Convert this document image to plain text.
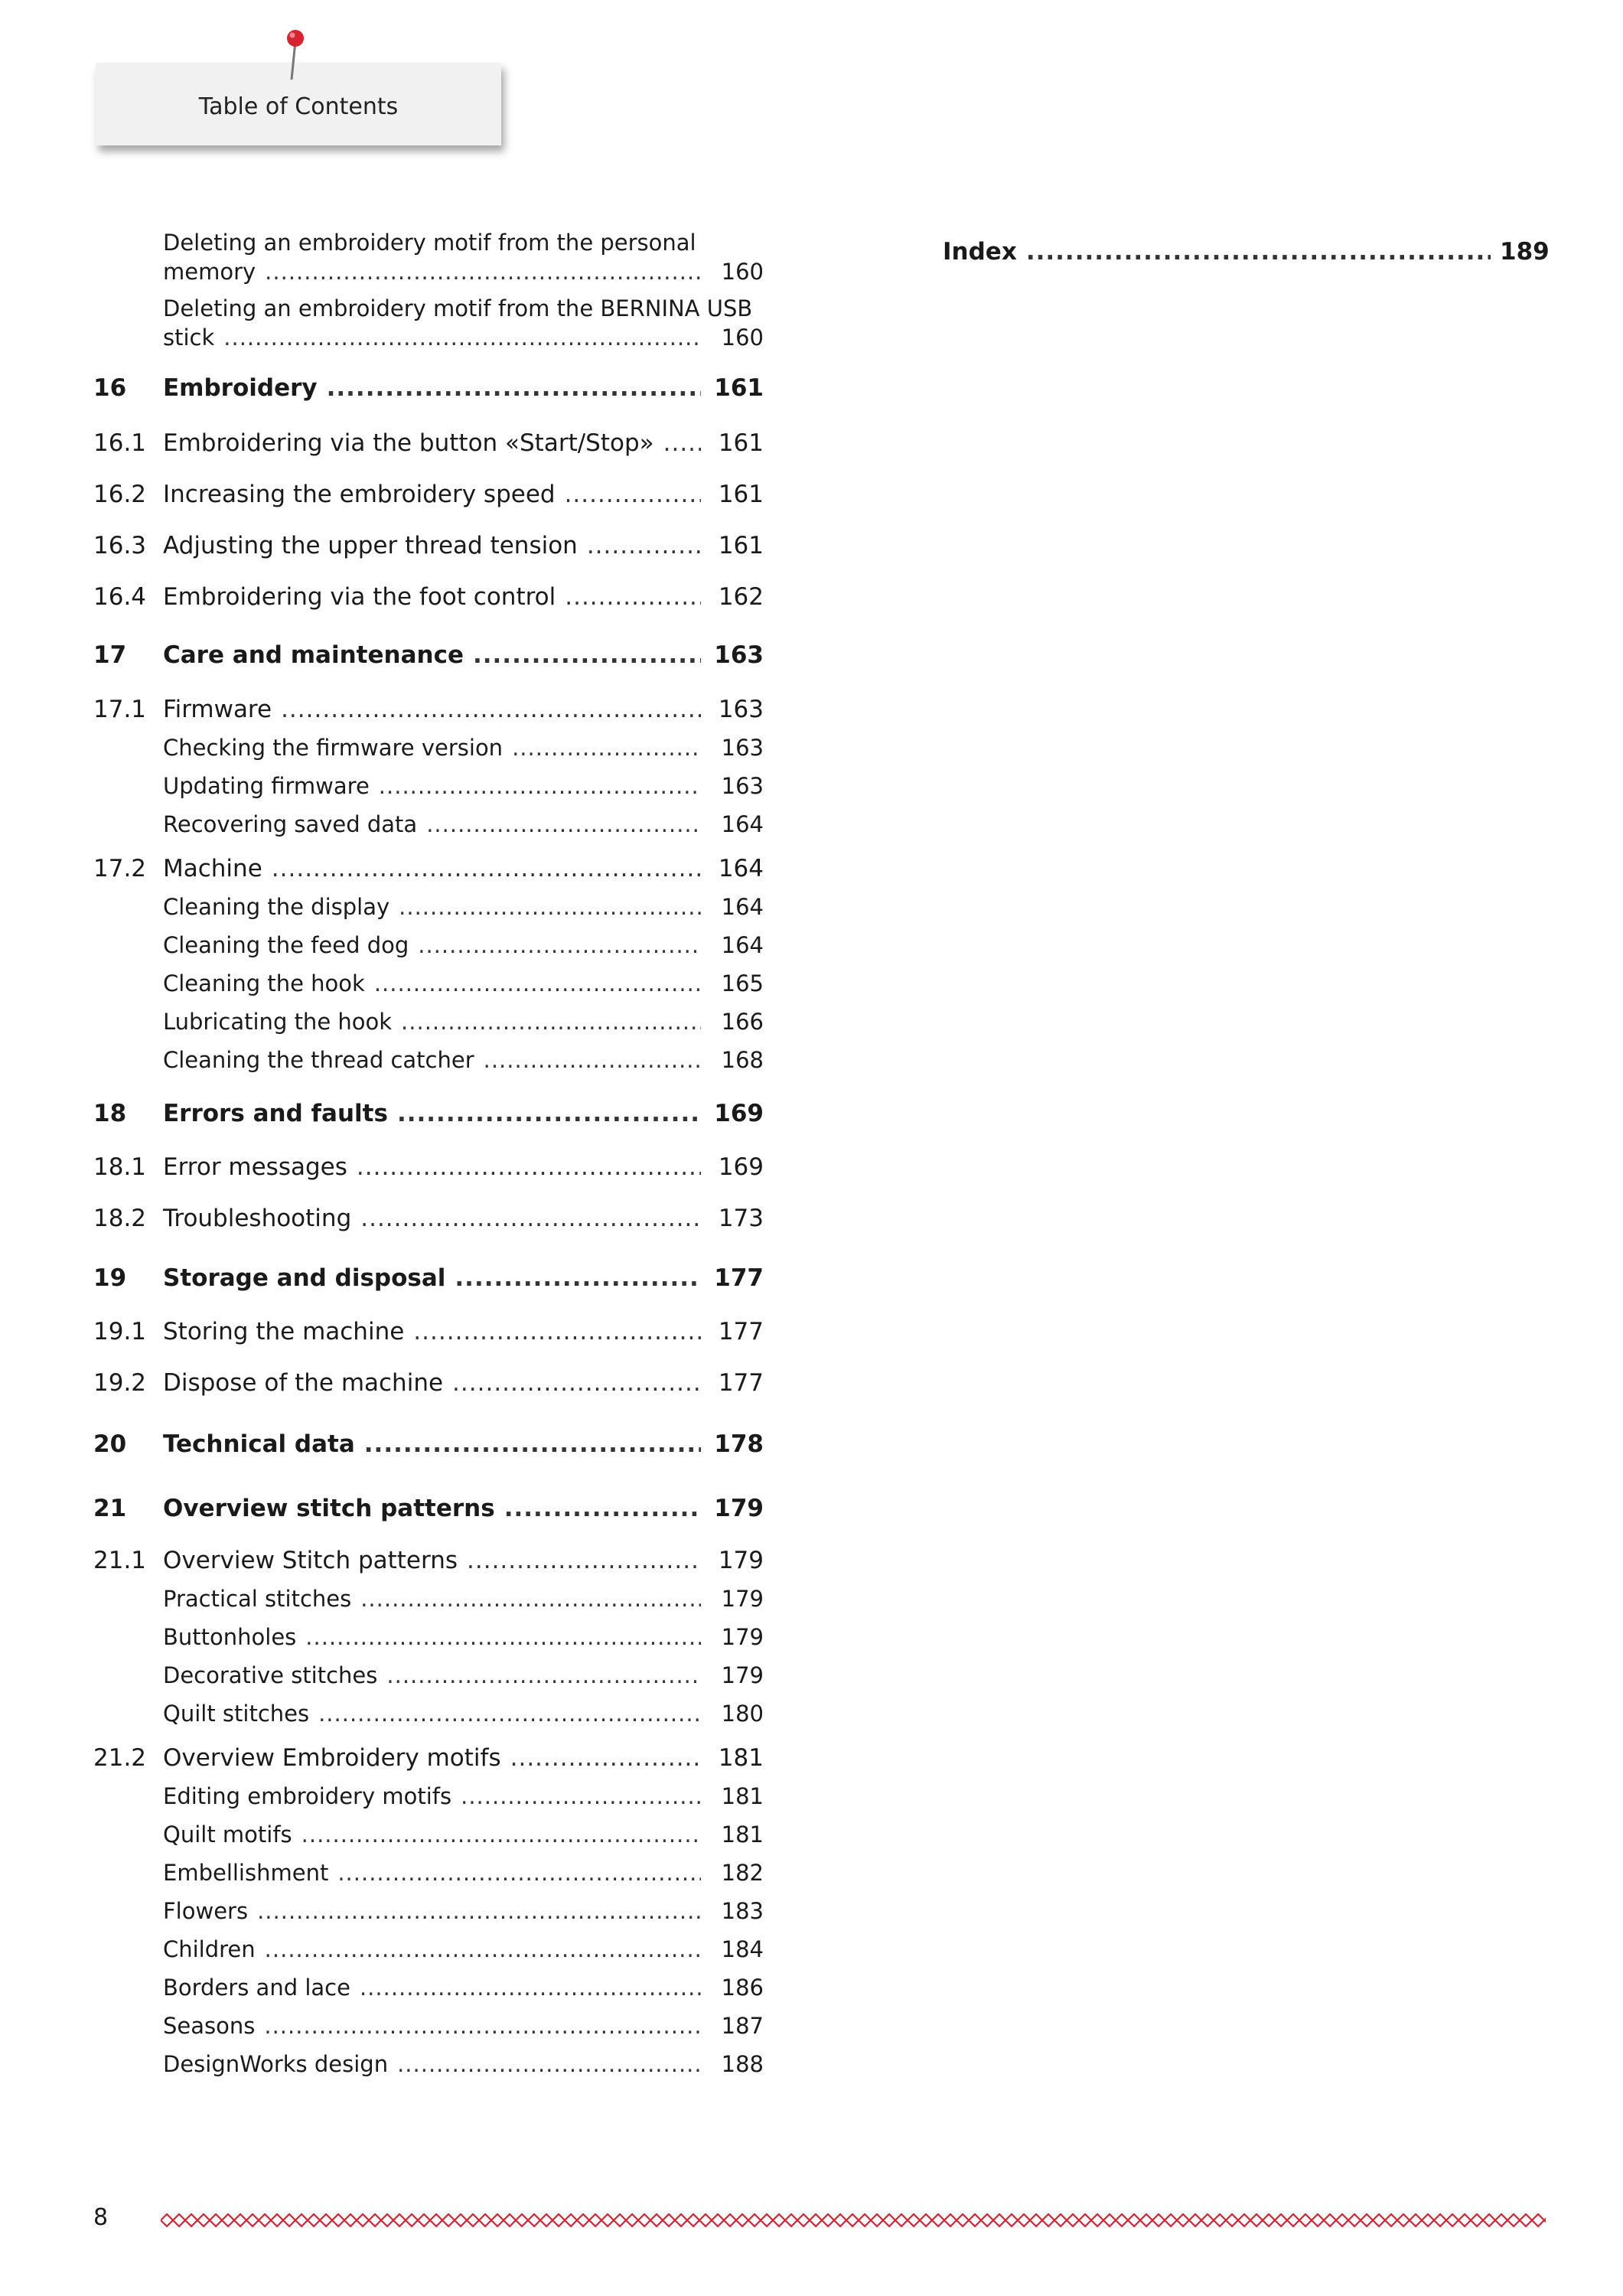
Table of Contents
Deleting an embroidery motif from the personal
memory .....	160
Deleting an embroidery motif from the BERNINA USB
stick .....	160
16	Embroidery .....	161
16.1 Embroidering via the button «Start/Stop» .....	161
16.2 Increasing the embroidery speed .....	161
16.3 Adjusting the upper thread tension .....	161
16.4 Embroidering via the foot control .....	162
17	Care and maintenance .....	163
17.1 Firmware .....	163
Checking the firmware version .....	163
Updating firmware .....	163
Recovering saved data .....	164
17.2 Machine .....	164
Cleaning the display .....	164
Cleaning the feed dog .....	164
Cleaning the hook .....	165
Lubricating the hook .....	166
Cleaning the thread catcher .....	168
18	Errors and faults .....	169
18.1 Error messages .....	169
18.2 Troubleshooting .....	173
19	Storage and disposal .....	177
19.1 Storing the machine .....	177
19.2 Dispose of the machine .....	177
20	Technical data .....	178
21	Overview stitch patterns .....	179
21.1 Overview Stitch patterns .....	179
Practical stitches .....	179
Buttonholes .....	179
Decorative stitches .....	179
Quilt stitches .....	180
21.2 Overview Embroidery motifs .....	181
Editing embroidery motifs .....	181
Quilt motifs .....	181
Embellishment .....	182
Flowers .....	183
Children .....	184
Borders and lace .....	186
Seasons .....	187
DesignWorks design .....	188
Index .....	189
8
